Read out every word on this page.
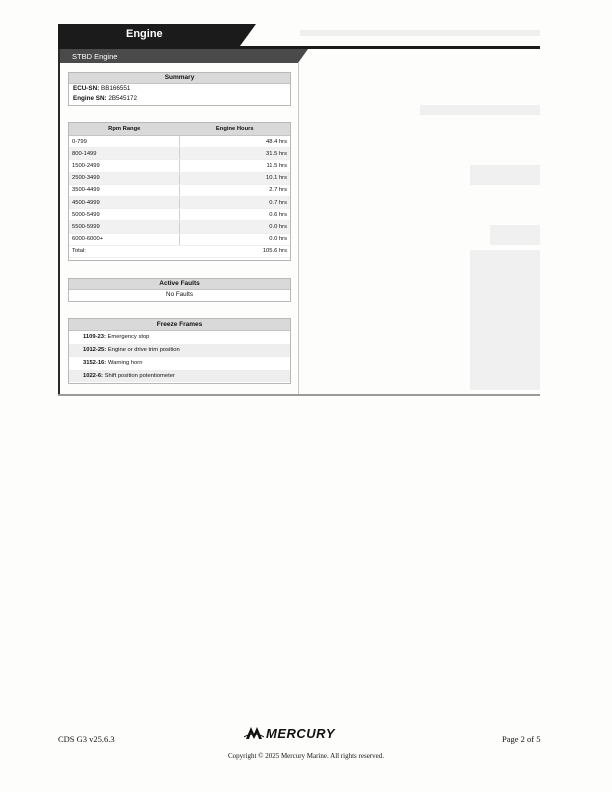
Engine
STBD Engine
Summary
ECU-SN: BB166551
Engine SN: 2B545172
Rpm Range	Engine Hours
0-799	48.4 hrs
800-1499	31.5 hrs
1500-2499	11.5 hrs
2500-3499	10.1 hrs
3500-4499	2.7 hrs
4500-4999	0.7 hrs
5000-5499	0.6 hrs
5500-5999	0.0 hrs
6000-6000+	0.0 hrs
Total:	105.6 hrs
Active Faults
No Faults
Freeze Frames
1109-23: Emergency stop
1012-25: Engine or drive trim position
3152-16: Warning horn
1022-6: Shift position potentiometer
CDS G3 v25.6.3	MERCURY	Page 2 of 5
Copyright © 2025 Mercury Marine. All rights reserved.
